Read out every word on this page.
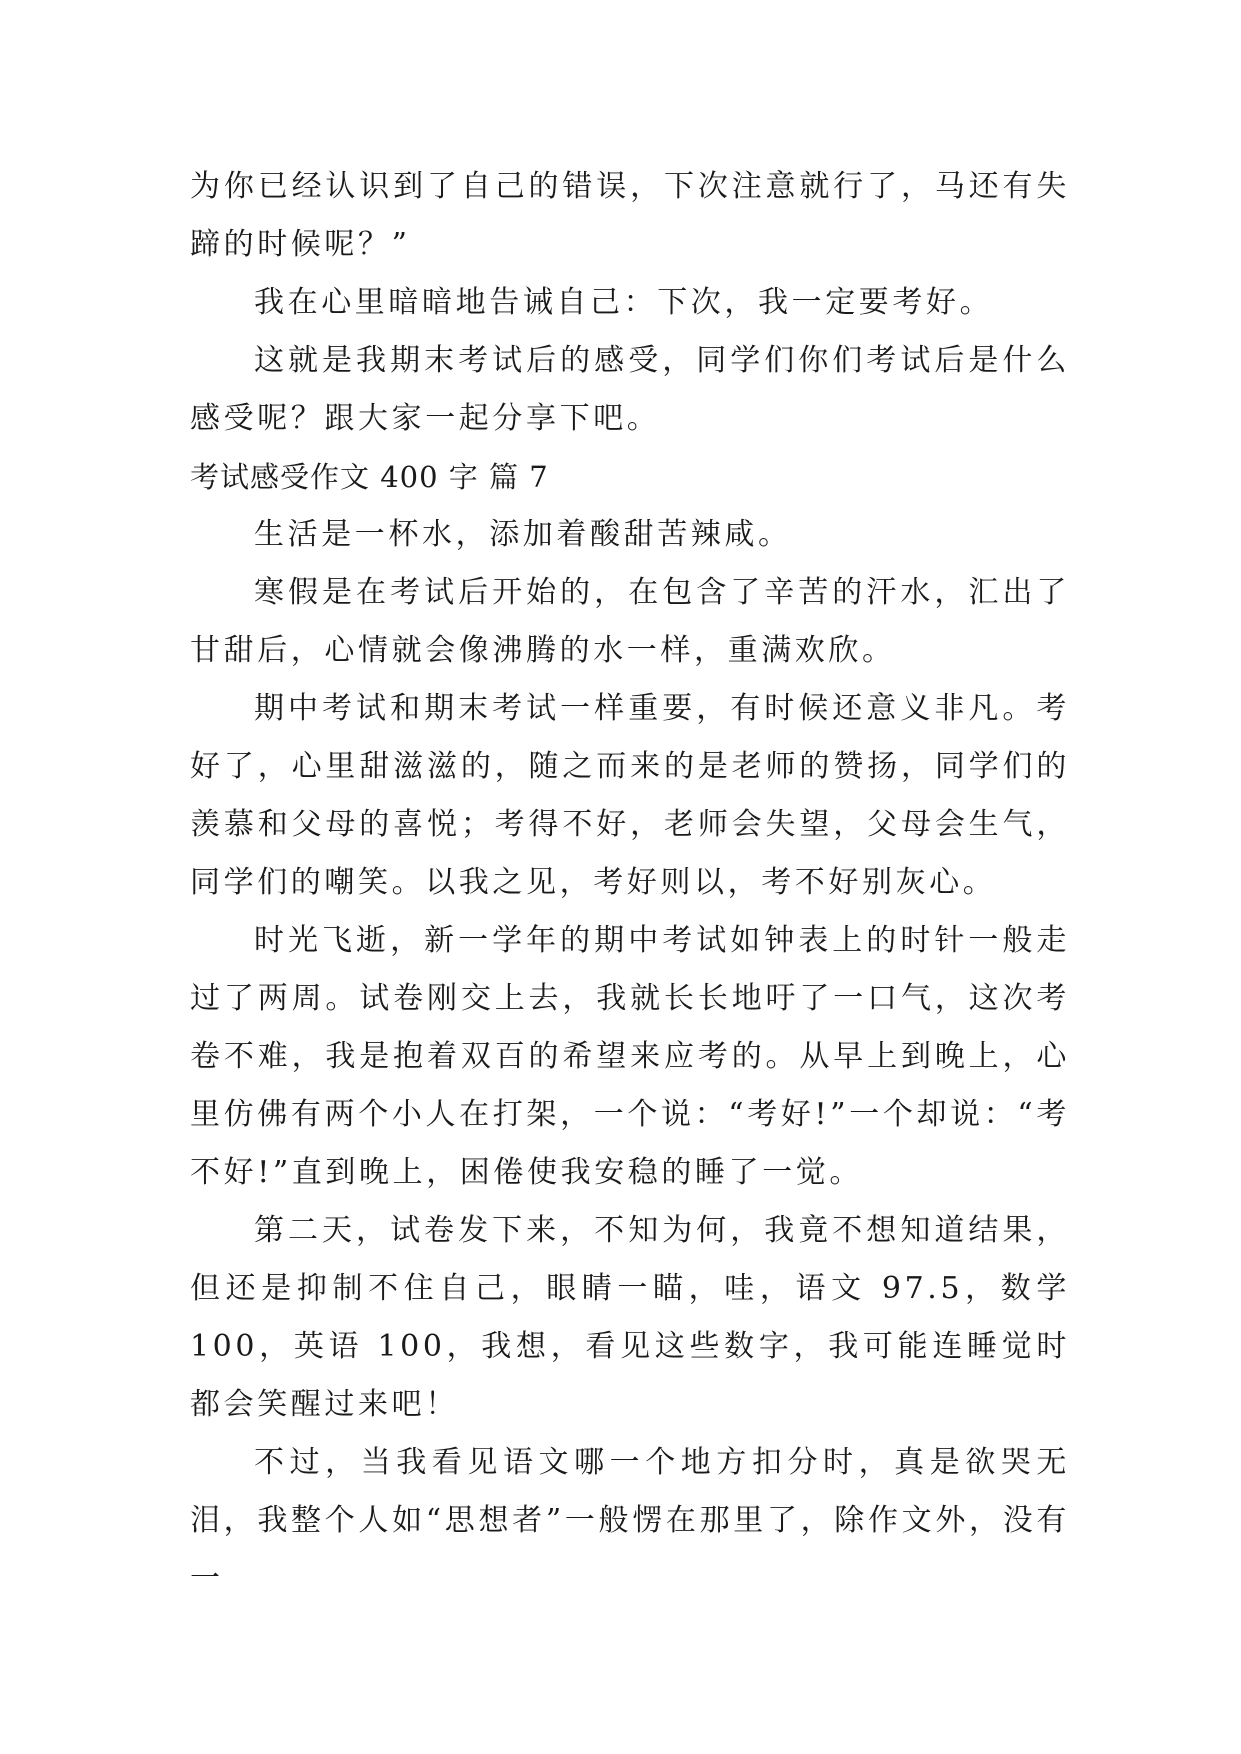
为你已经认识到了自己的错误，下次注意就行了，马还有失蹄的时候呢？”

我在心里暗暗地告诫自己：下次，我一定要考好。

这就是我期末考试后的感受，同学们你们考试后是什么感受呢？跟大家一起分享下吧。

考试感受作文 400 字 篇 7

生活是一杯水，添加着酸甜苦辣咸。

寒假是在考试后开始的，在包含了辛苦的汗水，汇出了甘甜后，心情就会像沸腾的水一样，重满欢欣。

期中考试和期末考试一样重要，有时候还意义非凡。考好了，心里甜滋滋的，随之而来的是老师的赞扬，同学们的羡慕和父母的喜悦；考得不好，老师会失望，父母会生气，同学们的嘲笑。以我之见，考好则以，考不好别灰心。

时光飞逝，新一学年的期中考试如钟表上的时针一般走过了两周。试卷刚交上去，我就长长地吁了一口气，这次考卷不难，我是抱着双百的希望来应考的。从早上到晚上，心里仿佛有两个小人在打架，一个说：“考好!”一个却说：“考不好!”直到晚上，困倦使我安稳的睡了一觉。

第二天，试卷发下来，不知为何，我竟不想知道结果，但还是抑制不住自己，眼睛一瞄，哇，语文 97.5，数学 100，英语 100，我想，看见这些数字，我可能连睡觉时都会笑醒过来吧！

不过，当我看见语文哪一个地方扣分时，真是欲哭无泪，我整个人如“思想者”一般愣在那里了，除作文外，没有一
